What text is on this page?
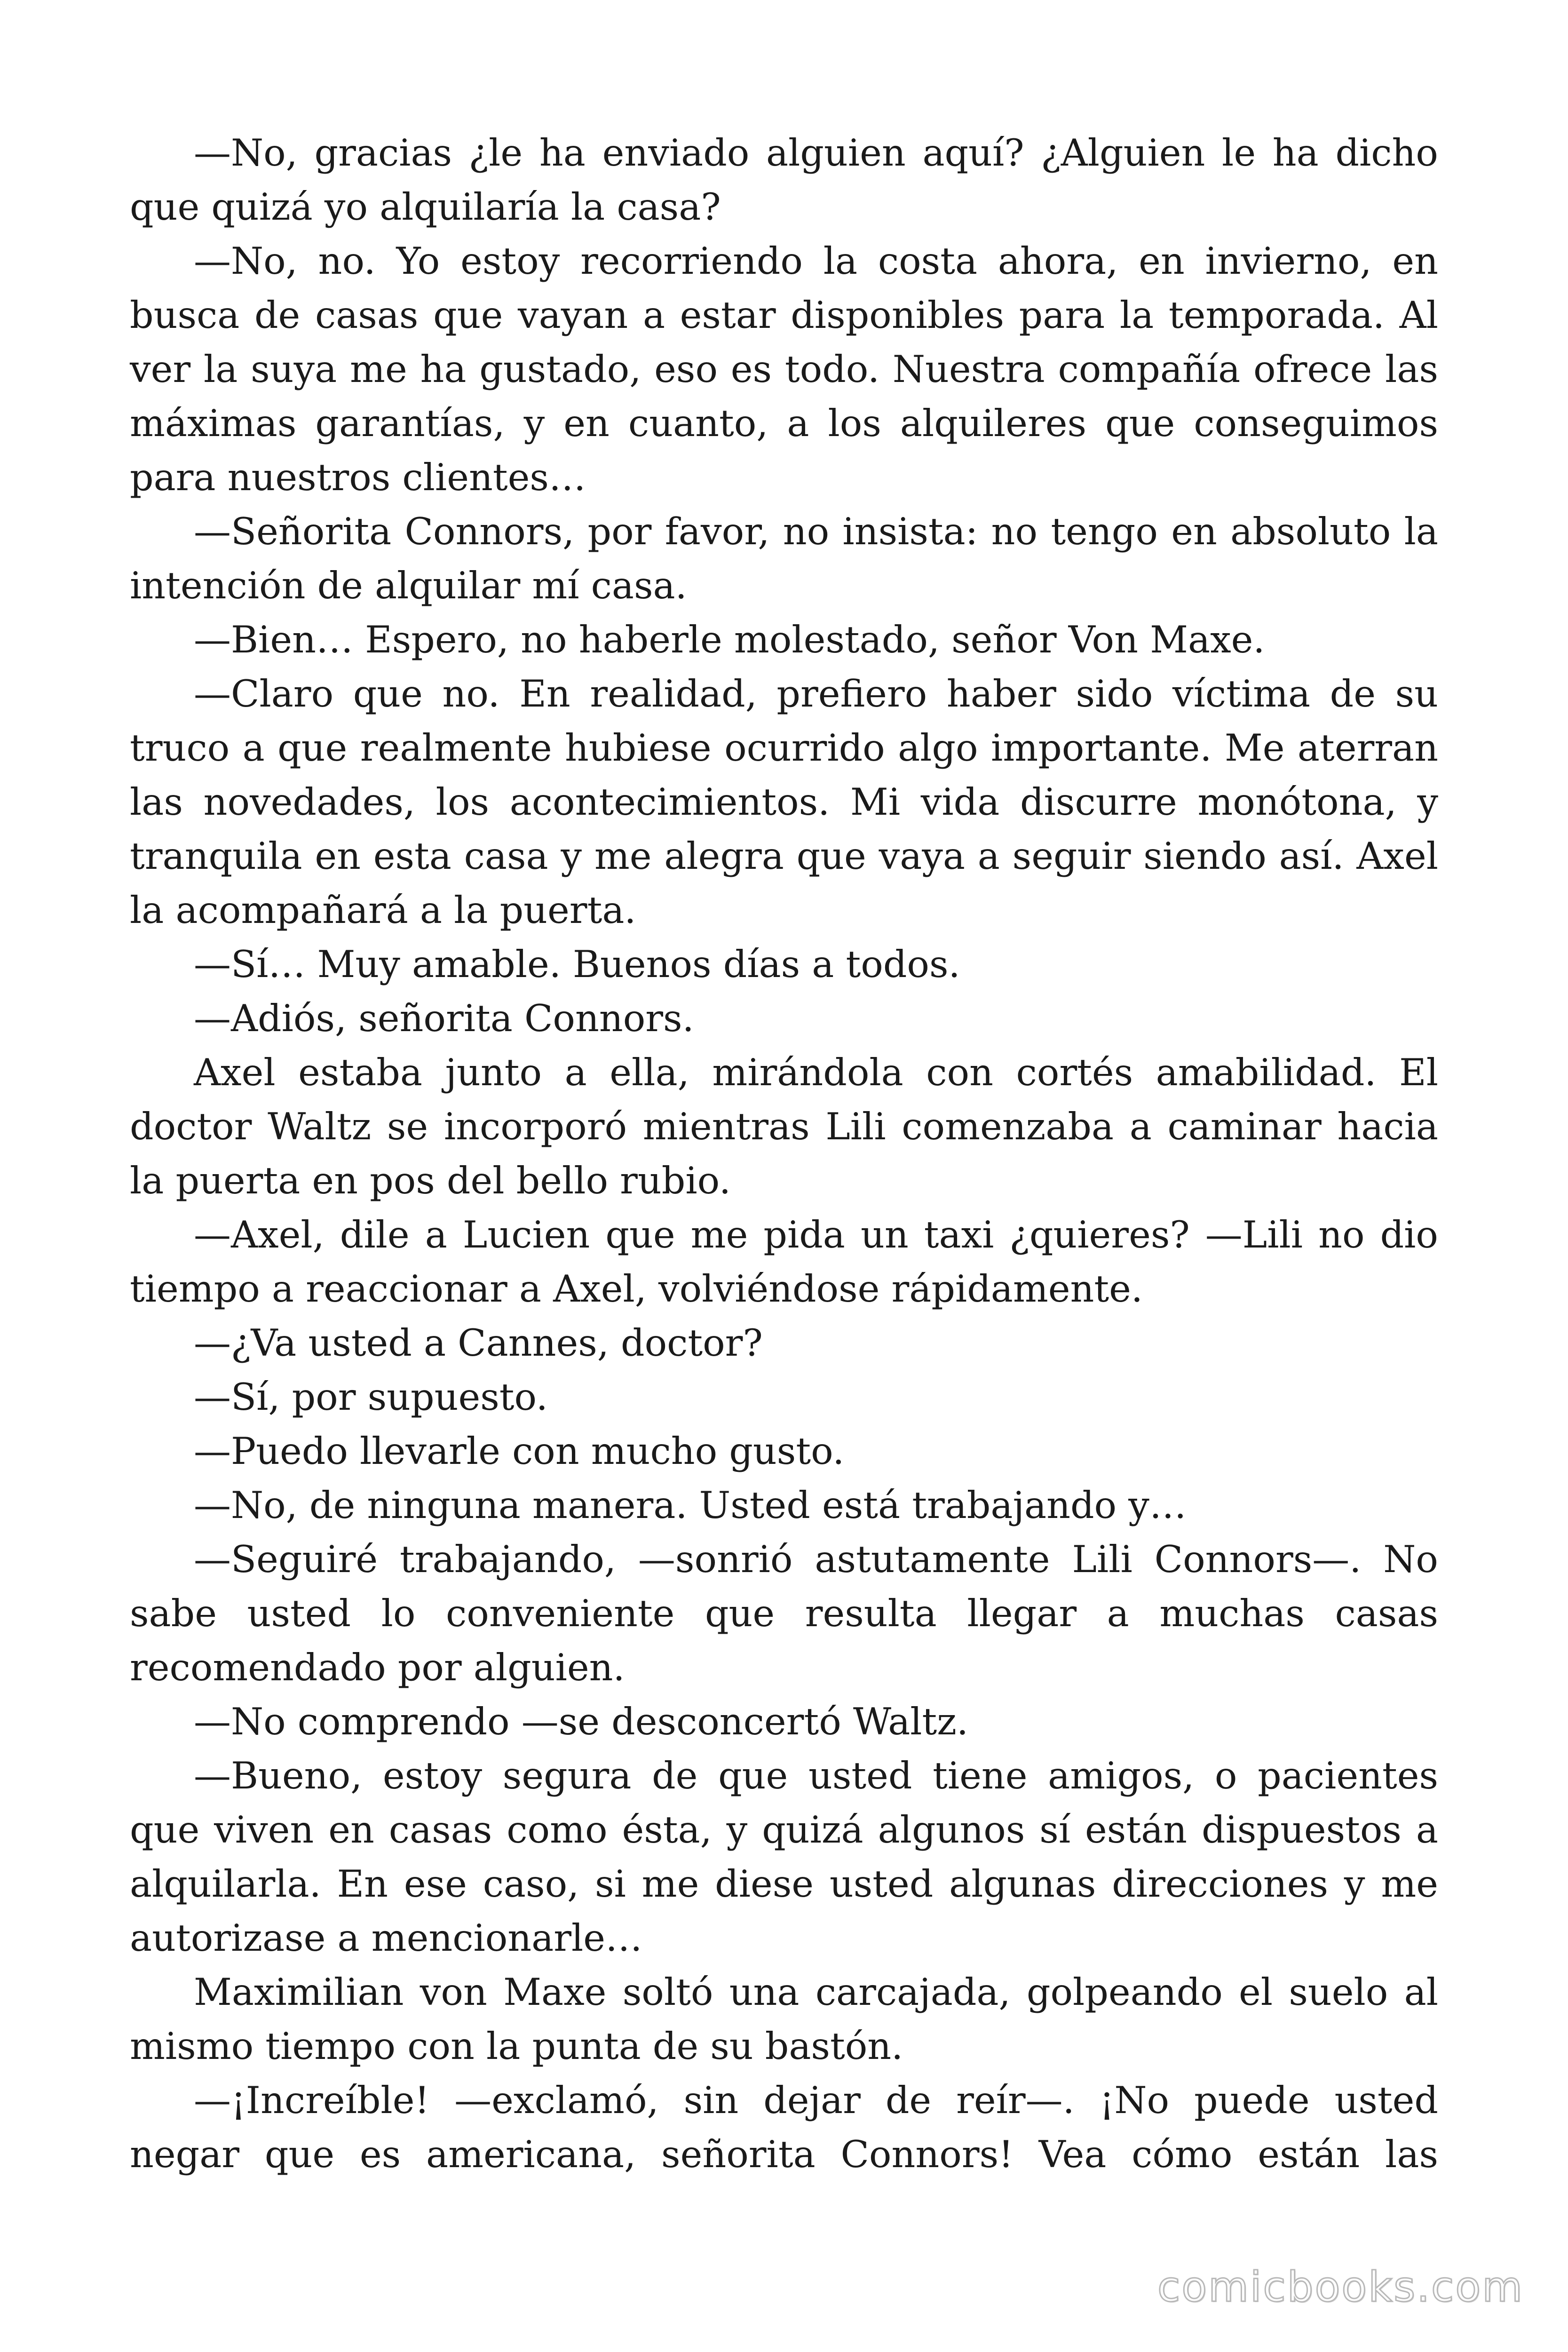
—No, gracias ¿le ha enviado alguien aquí? ¿Alguien le ha dicho que quizá yo alquilaría la casa?

—No, no. Yo estoy recorriendo la costa ahora, en invierno, en busca de casas que vayan a estar disponibles para la temporada. Al ver la suya me ha gustado, eso es todo. Nuestra compañía ofrece las máximas garantías, y en cuanto, a los alquileres que conseguimos para nuestros clientes…

—Señorita Connors, por favor, no insista: no tengo en absoluto la intención de alquilar mí casa.

—Bien… Espero, no haberle molestado, señor Von Maxe.

—Claro que no. En realidad, prefiero haber sido víctima de su truco a que realmente hubiese ocurrido algo importante. Me aterran las novedades, los acontecimientos. Mi vida discurre monótona, y tranquila en esta casa y me alegra que vaya a seguir siendo así. Axel la acompañará a la puerta.

—Sí… Muy amable. Buenos días a todos.

—Adiós, señorita Connors.

Axel estaba junto a ella, mirándola con cortés amabilidad. El doctor Waltz se incorporó mientras Lili comenzaba a caminar hacia la puerta en pos del bello rubio.

—Axel, dile a Lucien que me pida un taxi ¿quieres? —Lili no dio tiempo a reaccionar a Axel, volviéndose rápidamente.

—¿Va usted a Cannes, doctor?

—Sí, por supuesto.

—Puedo llevarle con mucho gusto.

—No, de ninguna manera. Usted está trabajando y…

—Seguiré trabajando, —sonrió astutamente Lili Connors—. No sabe usted lo conveniente que resulta llegar a muchas casas recomendado por alguien.

—No comprendo —se desconcertó Waltz.

—Bueno, estoy segura de que usted tiene amigos, o pacientes que viven en casas como ésta, y quizá algunos sí están dispuestos a alquilarla. En ese caso, si me diese usted algunas direcciones y me autorizase a mencionarle…

Maximilian von Maxe soltó una carcajada, golpeando el suelo al mismo tiempo con la punta de su bastón.

—¡Increíble! —exclamó, sin dejar de reír—. ¡No puede usted negar que es americana, señorita Connors! Vea cómo están las

comicbooks.com
